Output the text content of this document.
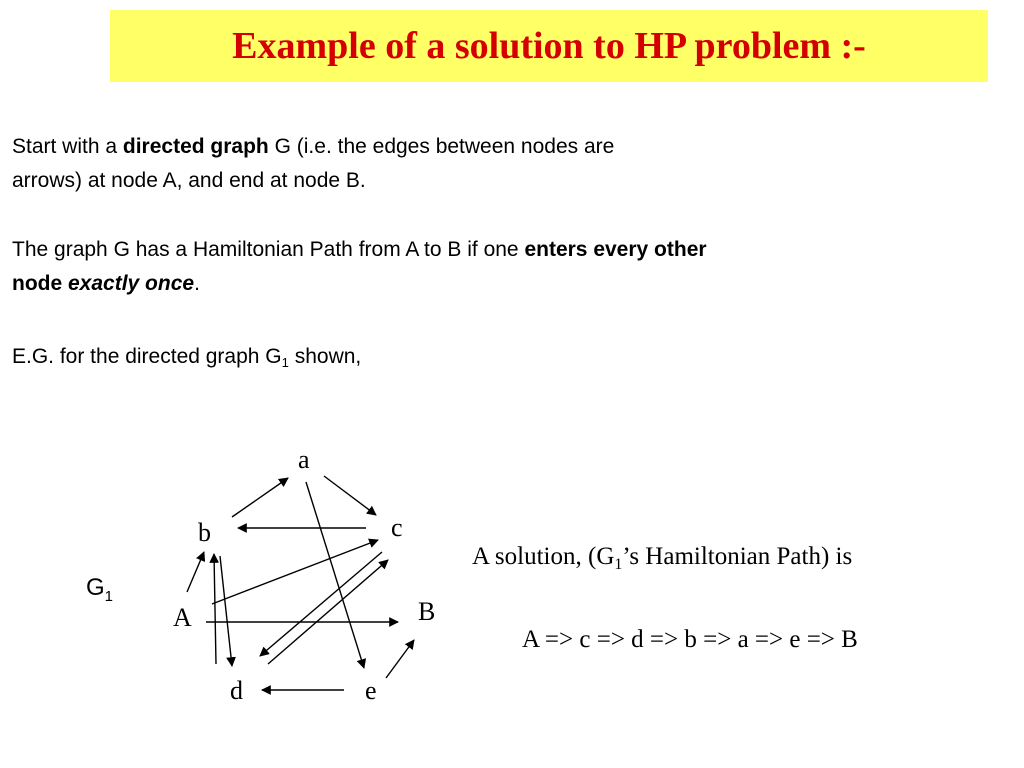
Example of a solution to HP problem :-
Start with a directed graph G (i.e. the edges between nodes are
arrows) at node A, and end at node B.
The graph G has a Hamiltonian Path from A to B if one enters every other
node exactly once.
E.G. for the directed graph $G_1$ shown,
a
b	c
A	B
d	e
$G_1$
A solution, ($G_1’s$ Hamiltonian Path) is
A => c => d => b => a => e => B
